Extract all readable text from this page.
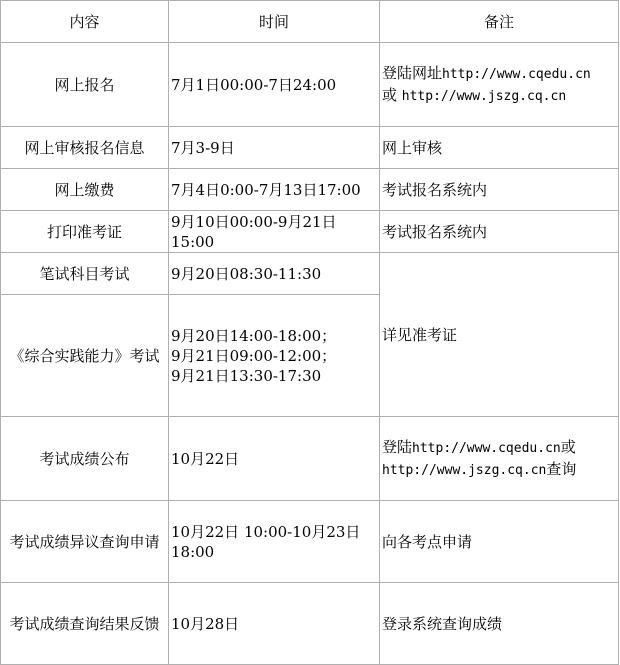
内容	时间	备注
网上报名	7月1日00:00-7日24:00	登陆网址http://www.cqedu.cn
或 http://www.jszg.cq.cn

网上审核报名信息	7月3-9日	网上审核
网上缴费	7月4日0:00-7月13日17:00	考试报名系统内
打印准考证	9月10日00:00-9月21日15:00	考试报名系统内
笔试科目考试	9月20日08:30-11:30	详见准考证
《综合实践能力》考试	9月20日14:00-18:00；
9月21日09:00-12:00；
9月21日13:30-17:30	

考试成绩公布	10月22日	登陆http://www.cqedu.cn或
http://www.jszg.cq.cn查询

考试成绩异议查询申请	10月22日 10:00-10月23日18:00	向各考点申请
考试成绩查询结果反馈	10月28日	登录系统查询成绩
